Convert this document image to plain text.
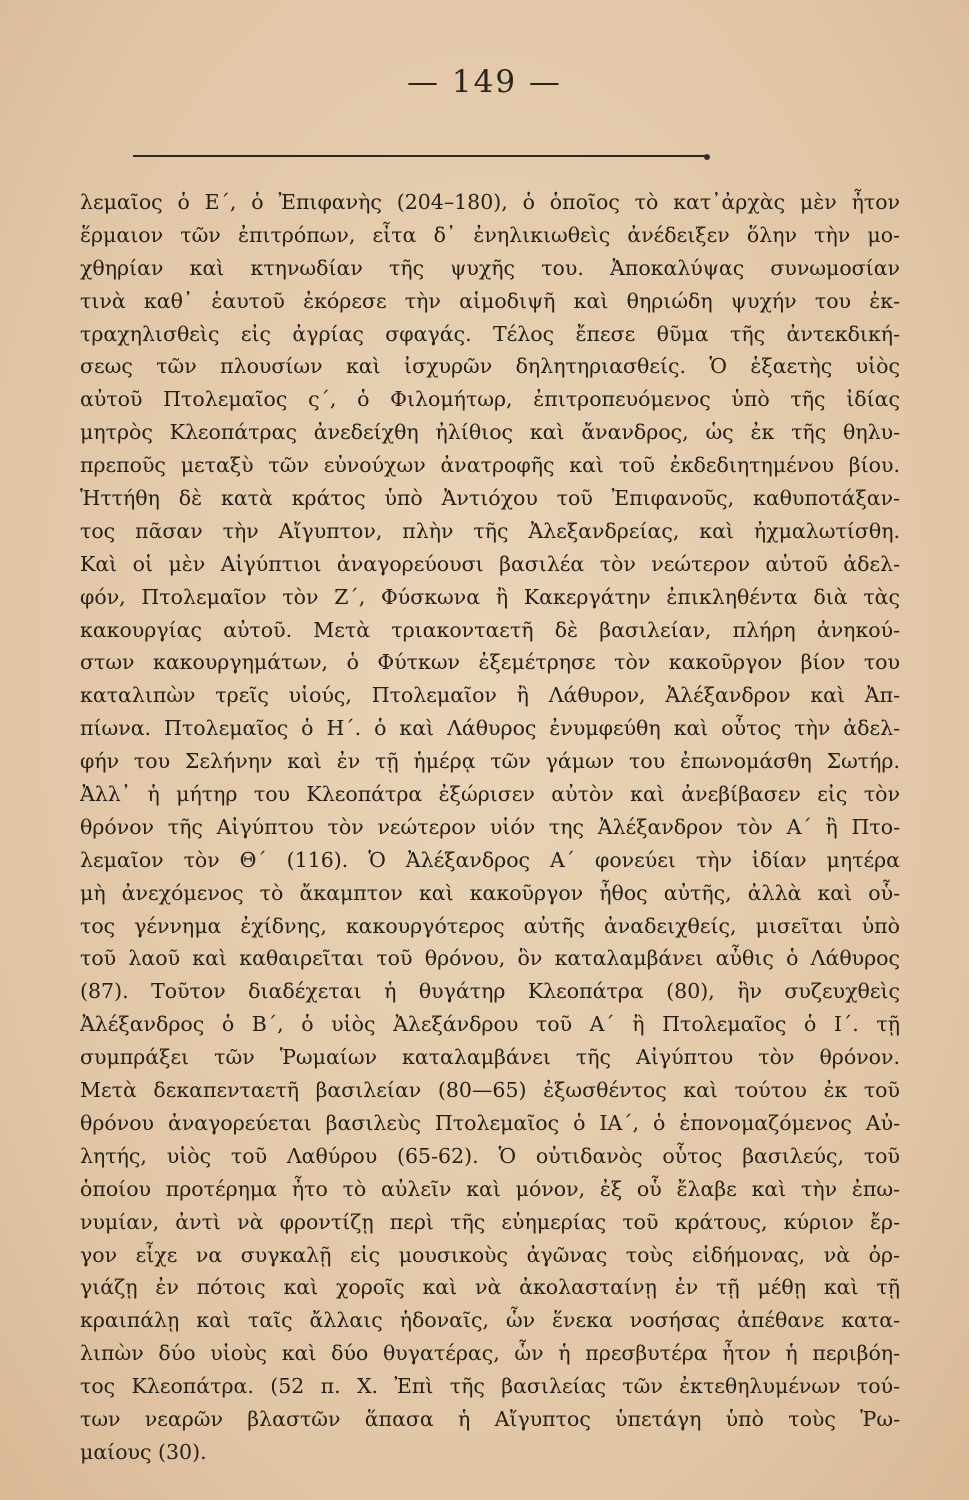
— 149 —
λεμαῖος ὁ Ε΄, ὁ Ἐπιφανὴς (204–180), ὁ ὁποῖος τὸ κατ᾽ἀρχὰς μὲν ἦτον
ἕρμαιον τῶν ἐπιτρόπων, εἶτα δ᾽ ἐνηλικιωθεὶς ἀνέδειξεν ὅλην τὴν μο-
χθηρίαν καὶ κτηνωδίαν τῆς ψυχῆς του. Ἀποκαλύψας συνωμοσίαν
τινὰ καθ᾽ ἑαυτοῦ ἐκόρεσε τὴν αἱμοδιψῆ καὶ θηριώδη ψυχήν του ἐκ-
τραχηλισθεὶς εἰς ἀγρίας σφαγάς. Τέλος ἔπεσε θῦμα τῆς ἀντεκδική-
σεως τῶν πλουσίων καὶ ἰσχυρῶν δηλητηριασθείς. Ὁ ἑξαετὴς υἱὸς
αὐτοῦ Πτολεμαῖος ς΄, ὁ Φιλομήτωρ, ἐπιτροπευόμενος ὑπὸ τῆς ἰδίας
μητρὸς Κλεοπάτρας ἀνεδείχθη ἠλίθιος καὶ ἄνανδρος, ὡς ἐκ τῆς θηλυ-
πρεποῦς μεταξὺ τῶν εὐνούχων ἀνατροφῆς καὶ τοῦ ἐκδεδιητημένου βίου.
Ἡττήθη δὲ κατὰ κράτος ὑπὸ Ἀντιόχου τοῦ Ἐπιφανοῦς, καθυποτάξαν-
τος πᾶσαν τὴν Αἴγυπτον, πλὴν τῆς Ἀλεξανδρείας, καὶ ἠχμαλωτίσθη.
Καὶ οἱ μὲν Αἰγύπτιοι ἀναγορεύουσι βασιλέα τὸν νεώτερον αὐτοῦ ἀδελ-
φόν, Πτολεμαῖον τὸν Ζ΄, Φύσκωνα ἢ Κακεργάτην ἐπικληθέντα διὰ τὰς
κακουργίας αὐτοῦ. Μετὰ τριακονταετῆ δὲ βασιλείαν, πλήρη ἀνηκού-
στων κακουργημάτων, ὁ Φύτκων ἐξεμέτρησε τὸν κακοῦργον βίον του
καταλιπὼν τρεῖς υἱούς, Πτολεμαῖον ἢ Λάθυρον, Ἀλέξανδρον καὶ Ἀπ-
πίωνα. Πτολεμαῖος ὁ Η΄. ὁ καὶ Λάθυρος ἐνυμφεύθη καὶ οὗτος τὴν ἀδελ-
φήν του Σελήνην καὶ ἐν τῇ ἡμέρᾳ τῶν γάμων του ἐπωνομάσθη Σωτήρ.
Ἀλλ᾽ ἡ μήτηρ του Κλεοπάτρα ἐξώρισεν αὐτὸν καὶ ἀνεβίβασεν εἰς τὸν
θρόνον τῆς Αἰγύπτου τὸν νεώτερον υἱόν της Ἀλέξανδρον τὸν Α΄ ἢ Πτο-
λεμαῖον τὸν Θ΄ (116). Ὁ Ἀλέξανδρος Α΄ φονεύει τὴν ἰδίαν μητέρα
μὴ ἀνεχόμενος τὸ ἄκαμπτον καὶ κακοῦργον ἦθος αὐτῆς, ἀλλὰ καὶ οὗ-
τος γέννημα ἐχίδνης, κακουργότερος αὐτῆς ἀναδειχθείς, μισεῖται ὑπὸ
τοῦ λαοῦ καὶ καθαιρεῖται τοῦ θρόνου, ὃν καταλαμβάνει αὖθις ὁ Λάθυρος
(87). Τοῦτον διαδέχεται ἡ θυγάτηρ Κλεοπάτρα (80), ἣν συζευχθεὶς
Ἀλέξανδρος ὁ Β΄, ὁ υἱὸς Ἀλεξάνδρου τοῦ Α΄ ἢ Πτολεμαῖος ὁ Ι΄. τῇ
συμπράξει τῶν Ῥωμαίων καταλαμβάνει τῆς Αἰγύπτου τὸν θρόνον.
Μετὰ δεκαπενταετῆ βασιλείαν (80—65) ἐξωσθέντος καὶ τούτου ἐκ τοῦ
θρόνου ἀναγορεύεται βασιλεὺς Πτολεμαῖος ὁ ΙΑ΄, ὁ ἐπονομαζόμενος Αὐ-
λητής, υἱὸς τοῦ Λαθύρου (65-62). Ὁ οὐτιδανὸς οὗτος βασιλεύς, τοῦ
ὁποίου προτέρημα ἦτο τὸ αὐλεῖν καὶ μόνον, ἐξ οὗ ἔλαβε καὶ τὴν ἐπω-
νυμίαν, ἀντὶ νὰ φροντίζῃ περὶ τῆς εὐημερίας τοῦ κράτους, κύριον ἔρ-
γον εἶχε να συγκαλῇ εἰς μουσικοὺς ἀγῶνας τοὺς εἰδήμονας, νὰ ὀρ-
γιάζῃ ἐν πότοις καὶ χοροῖς καὶ νὰ ἀκολασταίνῃ ἐν τῇ μέθῃ καὶ τῇ
κραιπάλῃ καὶ ταῖς ἄλλαις ἡδοναῖς, ὧν ἕνεκα νοσήσας ἀπέθανε κατα-
λιπὼν δύο υἱοὺς καὶ δύο θυγατέρας, ὧν ἡ πρεσβυτέρα ἦτον ἡ περιβόη-
τος Κλεοπάτρα. (52 π. Χ. Ἐπὶ τῆς βασιλείας τῶν ἐκτεθηλυμένων τού-
των νεαρῶν βλαστῶν ἅπασα ἡ Αἴγυπτος ὑπετάγη ὑπὸ τοὺς Ῥω-
μαίους (30).
